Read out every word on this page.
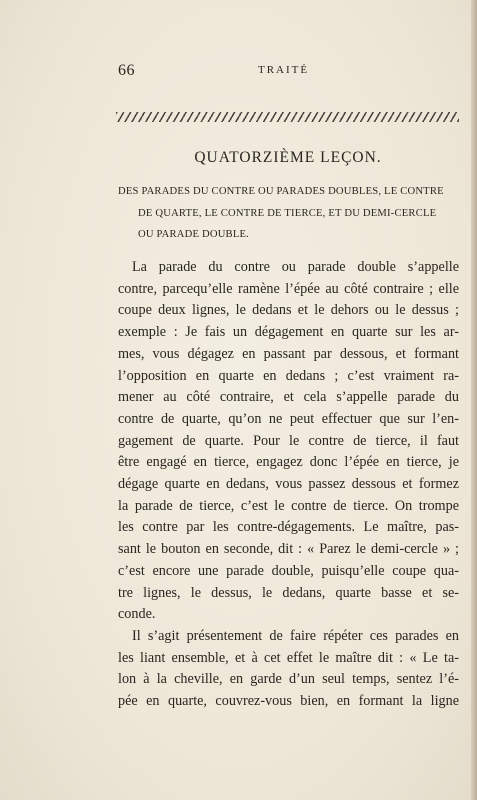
66	TRAITÉ
QUATORZIÈME LEÇON.
DES PARADES DU CONTRE OU PARADES DOUBLES, LE CONTRE
DE QUARTE, LE CONTRE DE TIERCE, ET DU DEMI-CERCLE
OU PARADE DOUBLE.
La parade du contre ou parade double s’appelle
contre, parcequ’elle ramène l’épée au côté contraire ; elle
coupe deux lignes, le dedans et le dehors ou le dessus ;
exemple : Je fais un dégagement en quarte sur les ar-
mes, vous dégagez en passant par dessous, et formant
l’opposition en quarte en dedans ; c’est vraiment ra-
mener au côté contraire, et cela s’appelle parade du
contre de quarte, qu’on ne peut effectuer que sur l’en-
gagement de quarte. Pour le contre de tierce, il faut
être engagé en tierce, engagez donc l’épée en tierce, je
dégage quarte en dedans, vous passez dessous et formez
la parade de tierce, c’est le contre de tierce. On trompe
les contre par les contre-dégagements. Le maître, pas-
sant le bouton en seconde, dit : « Parez le demi-cercle » ;
c’est encore une parade double, puisqu’elle coupe qua-
tre lignes, le dessus, le dedans, quarte basse et se-
conde.
Il s’agit présentement de faire répéter ces parades en
les liant ensemble, et à cet effet le maître dit : « Le ta-
lon à la cheville, en garde d’un seul temps, sentez l’é-
pée en quarte, couvrez-vous bien, en formant la ligne
